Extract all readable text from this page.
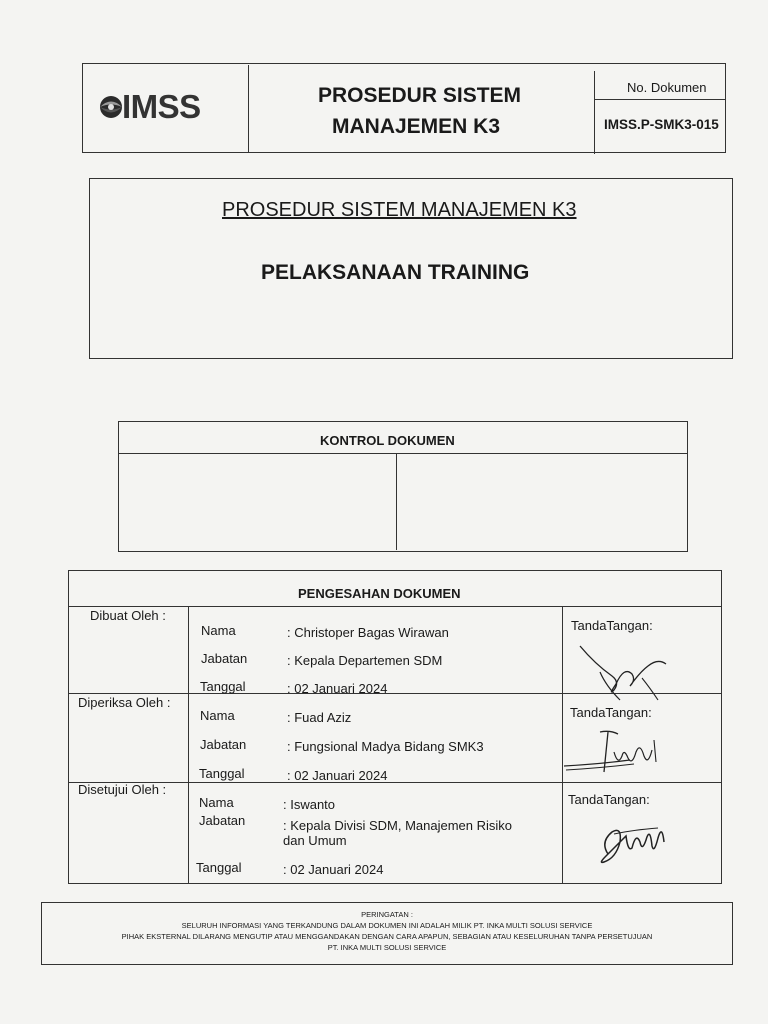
IMSS	PROSEDUR SISTEM
MANAJEMEN K3
No. Dokumen
IMSS.P-SMK3-015
PROSEDUR SISTEM MANAJEMEN K3
PELAKSANAAN TRAINING
KONTROL DOKUMEN
PENGESAHAN DOKUMEN
Dibuat Oleh :
Nama	: Christoper Bagas Wirawan
Jabatan	: Kepala Departemen SDM
Tanggal	: 02 Januari 2024
TandaTangan:
Diperiksa Oleh :
Nama	: Fuad Aziz
Jabatan	: Fungsional Madya Bidang SMK3
Tanggal	: 02 Januari 2024
TandaTangan:
Disetujui Oleh :
Nama	: Iswanto
Jabatan	: Kepala Divisi SDM, Manajemen Risiko
dan Umum
Tanggal	: 02 Januari 2024
TandaTangan:
PERINGATAN :
SELURUH INFORMASI YANG TERKANDUNG DALAM DOKUMEN INI ADALAH MILIK PT. INKA MULTI SOLUSI SERVICE
PIHAK EKSTERNAL DILARANG MENGUTIP ATAU MENGGANDAKAN DENGAN CARA APAPUN, SEBAGIAN ATAU KESELURUHAN TANPA PERSETUJUAN
PT. INKA MULTI SOLUSI SERVICE
